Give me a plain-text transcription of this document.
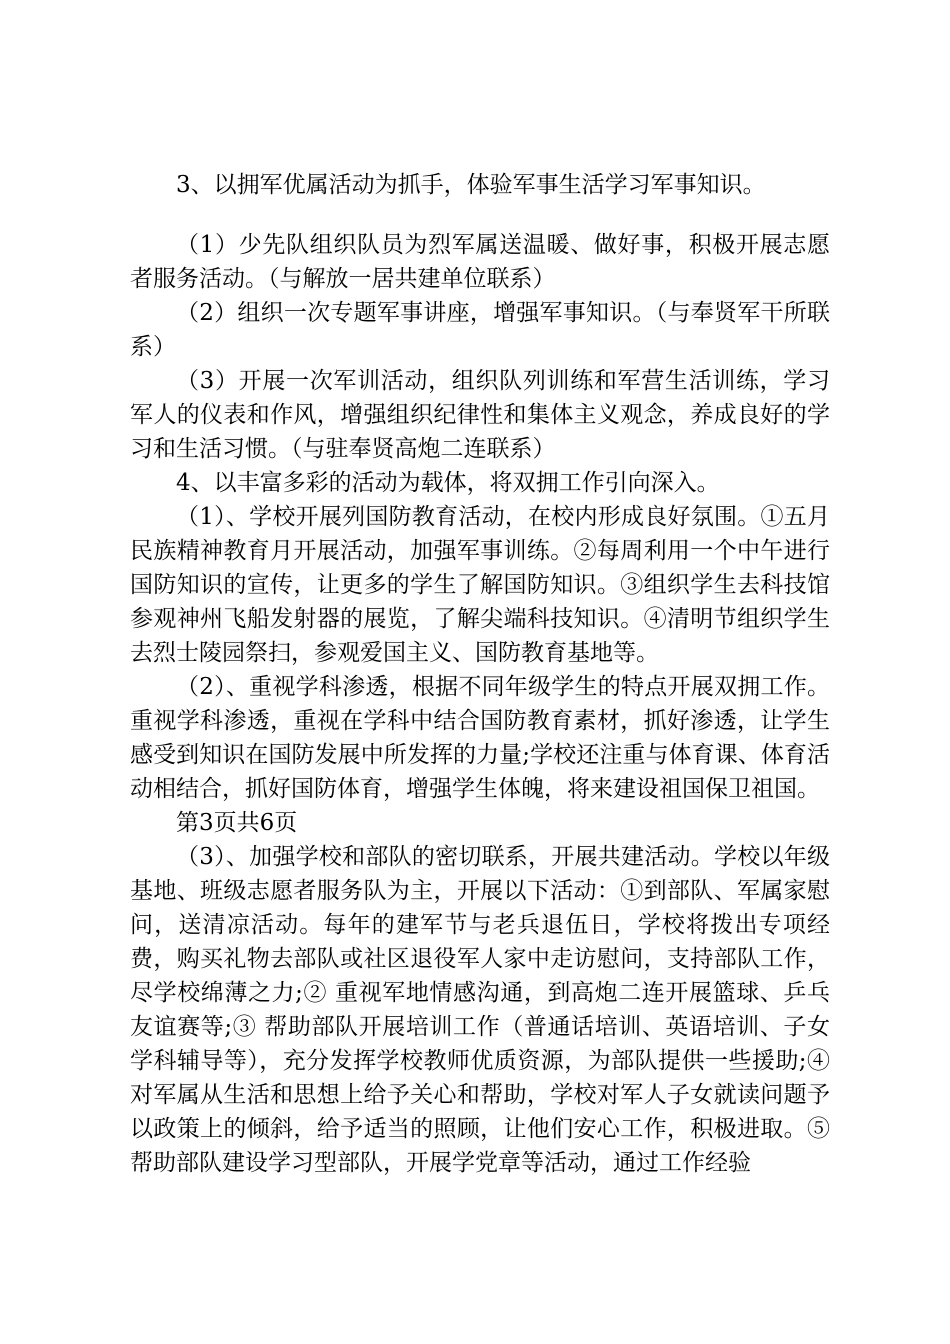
3、以拥军优属活动为抓手，体验军事生活学习军事知识。

（1）少先队组织队员为烈军属送温暖、做好事，积极开展志愿者服务活动。（与解放一居共建单位联系）

（2）组织一次专题军事讲座，增强军事知识。（与奉贤军干所联系）

（3）开展一次军训活动，组织队列训练和军营生活训练，学习军人的仪表和作风，增强组织纪律性和集体主义观念，养成良好的学习和生活习惯。（与驻奉贤高炮二连联系）

4、以丰富多彩的活动为载体，将双拥工作引向深入。

（1）、学校开展列国防教育活动，在校内形成良好氛围。①五月民族精神教育月开展活动，加强军事训练。②每周利用一个中午进行国防知识的宣传，让更多的学生了解国防知识。③组织学生去科技馆参观神州飞船发射器的展览，了解尖端科技知识。④清明节组织学生去烈士陵园祭扫，参观爱国主义、国防教育基地等。

（2）、重视学科渗透，根据不同年级学生的特点开展双拥工作。重视学科渗透，重视在学科中结合国防教育素材，抓好渗透，让学生感受到知识在国防发展中所发挥的力量;学校还注重与体育课、体育活动相结合，抓好国防体育，增强学生体魄，将来建设祖国保卫祖国。

第3页共6页

（3）、加强学校和部队的密切联系，开展共建活动。学校以年级基地、班级志愿者服务队为主，开展以下活动：①到部队、军属家慰问，送清凉活动。每年的建军节与老兵退伍日，学校将拨出专项经费，购买礼物去部队或社区退役军人家中走访慰问，支持部队工作，尽学校绵薄之力;② 重视军地情感沟通，到高炮二连开展篮球、乒乓友谊赛等;③ 帮助部队开展培训工作（普通话培训、英语培训、子女学科辅导等），充分发挥学校教师优质资源，为部队提供一些援助;④ 对军属从生活和思想上给予关心和帮助，学校对军人子女就读问题予以政策上的倾斜，给予适当的照顾，让他们安心工作，积极进取。⑤帮助部队建设学习型部队，开展学党章等活动，通过工作经验
